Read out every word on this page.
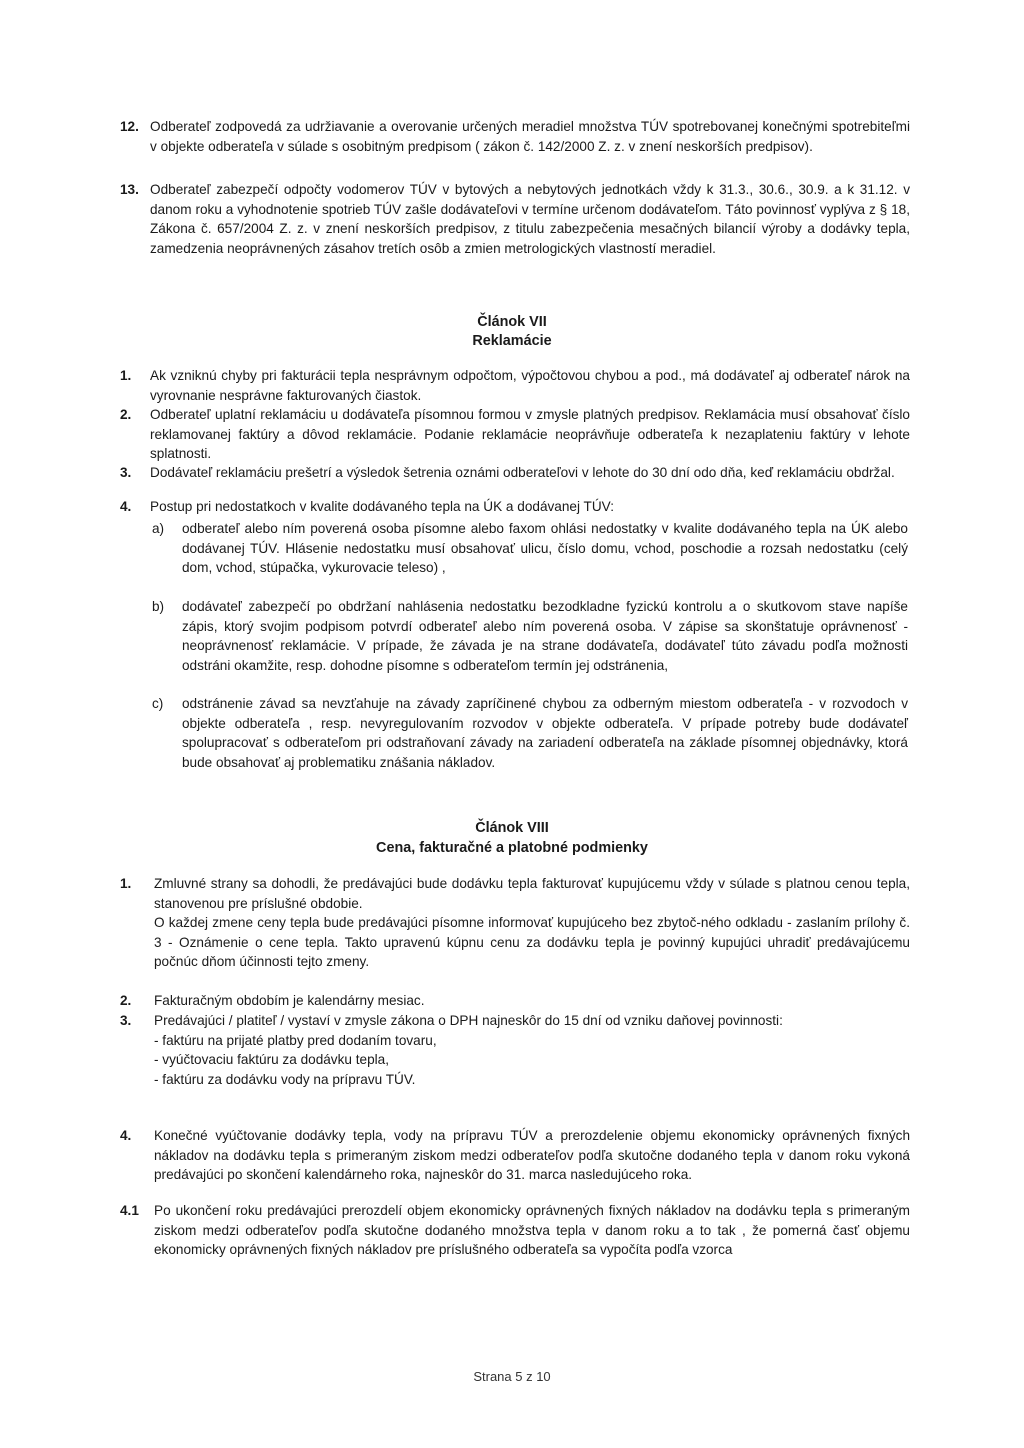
12. Odberateľ zodpovedá za udržiavanie a overovanie určených meradiel množstva TÚV spotrebovanej konečnými spotrebiteľmi v objekte odberateľa v súlade s osobitným predpisom ( zákon č. 142/2000 Z. z. v znení neskorších predpisov).
13. Odberateľ zabezpečí odpočty vodomerov TÚV v bytových a nebytových jednotkách vždy k 31.3., 30.6., 30.9. a k 31.12. v danom roku a vyhodnotenie spotrieb TÚV zašle dodávateľovi v termíne určenom dodávateľom. Táto povinnosť vyplýva z § 18, Zákona č. 657/2004 Z. z. v znení neskorších predpisov, z titulu zabezpečenia mesačných bilancií výroby a dodávky tepla, zamedzenia neoprávnených zásahov tretích osôb a zmien metrologických vlastností meradiel.
Článok VII
Reklamácie
1. Ak vzniknú chyby pri fakturácii tepla nesprávnym odpočtom, výpočtovou chybou a pod., má dodávateľ aj odberateľ nárok na vyrovnanie nesprávne fakturovaných čiastok.
2. Odberateľ uplatní reklamáciu u dodávateľa písomnou formou v zmysle platných predpisov. Reklamácia musí obsahovať číslo reklamovanej faktúry a dôvod reklamácie. Podanie reklamácie neoprávňuje odberateľa k nezaplateniu faktúry v lehote splatnosti.
3. Dodávateľ reklamáciu prešetrí a výsledok šetrenia oznámi odberateľovi v lehote do 30 dní odo dňa, keď reklamáciu obdržal.
4. Postup pri nedostatkoch v kvalite dodávaného tepla na ÚK a dodávanej TÚV:
a) odberateľ alebo ním poverená osoba písomne alebo faxom ohlási nedostatky v kvalite dodávaného tepla na ÚK alebo dodávanej TÚV. Hlásenie nedostatku musí obsahovať ulicu, číslo domu, vchod, poschodie a rozsah nedostatku (celý dom, vchod, stúpačka, vykurovacie teleso) ,
b) dodávateľ zabezpečí po obdržaní nahlásenia nedostatku bezodkladne fyzickú kontrolu a o skutkovom stave napíše zápis, ktorý svojim podpisom potvrdí odberateľ alebo ním poverená osoba. V zápise sa skonštatuje oprávnenosť - neoprávnenosť reklamácie. V prípade, že závada je na strane dodávateľa, dodávateľ túto závadu podľa možnosti odstráni okamžite, resp. dohodne písomne s odberateľom termín jej odstránenia,
c) odstránenie závad sa nevzťahuje na závady zapríčinené chybou za odberným miestom odberateľa - v rozvodoch v objekte odberateľa , resp. nevyregulovaním rozvodov v objekte odberateľa. V prípade potreby bude dodávateľ spolupracovať s odberateľom pri odstraňovaní závady na zariadení odberateľa na základe písomnej objednávky, ktorá bude obsahovať aj problematiku znášania nákladov.
Článok VIII
Cena, fakturačné a platobné podmienky
1. Zmluvné strany sa dohodli, že predávajúci bude dodávku tepla fakturovať kupujúcemu vždy v súlade s platnou cenou tepla, stanovenou pre príslušné obdobie.
O každej zmene ceny tepla bude predávajúci písomne informovať kupujúceho bez zbytoč-ného odkladu - zaslaním prílohy č. 3 - Oznámenie o cene tepla. Takto upravenú kúpnu cenu za dodávku tepla je povinný kupujúci uhradiť predávajúcemu počnúc dňom účinnosti tejto zmeny.
2. Fakturačným obdobím je kalendárny mesiac.
3. Predávajúci / platiteľ / vystaví v zmysle zákona o DPH najneskôr do 15 dní od vzniku daňovej povinnosti:
- faktúru na prijaté platby pred dodaním tovaru,
- vyúčtovaciu faktúru za dodávku tepla,
- faktúru za dodávku vody na prípravu TÚV.
4. Konečné vyúčtovanie dodávky tepla, vody na prípravu TÚV a prerozdelenie objemu ekonomicky oprávnených fixných nákladov na dodávku tepla s primeraným ziskom medzi odberateľov podľa skutočne dodaného tepla v danom roku vykoná predávajúci po skončení kalendárneho roka, najneskôr do 31. marca nasledujúceho roka.
4.1 Po ukončení roku predávajúci prerozdelí objem ekonomicky oprávnených fixných nákladov na dodávku tepla s primeraným ziskom medzi odberateľov podľa skutočne dodaného množstva tepla v danom roku a to tak , že pomerná časť objemu ekonomicky oprávnených fixných nákladov pre príslušného odberateľa sa vypočíta podľa vzorca
Strana 5 z 10
